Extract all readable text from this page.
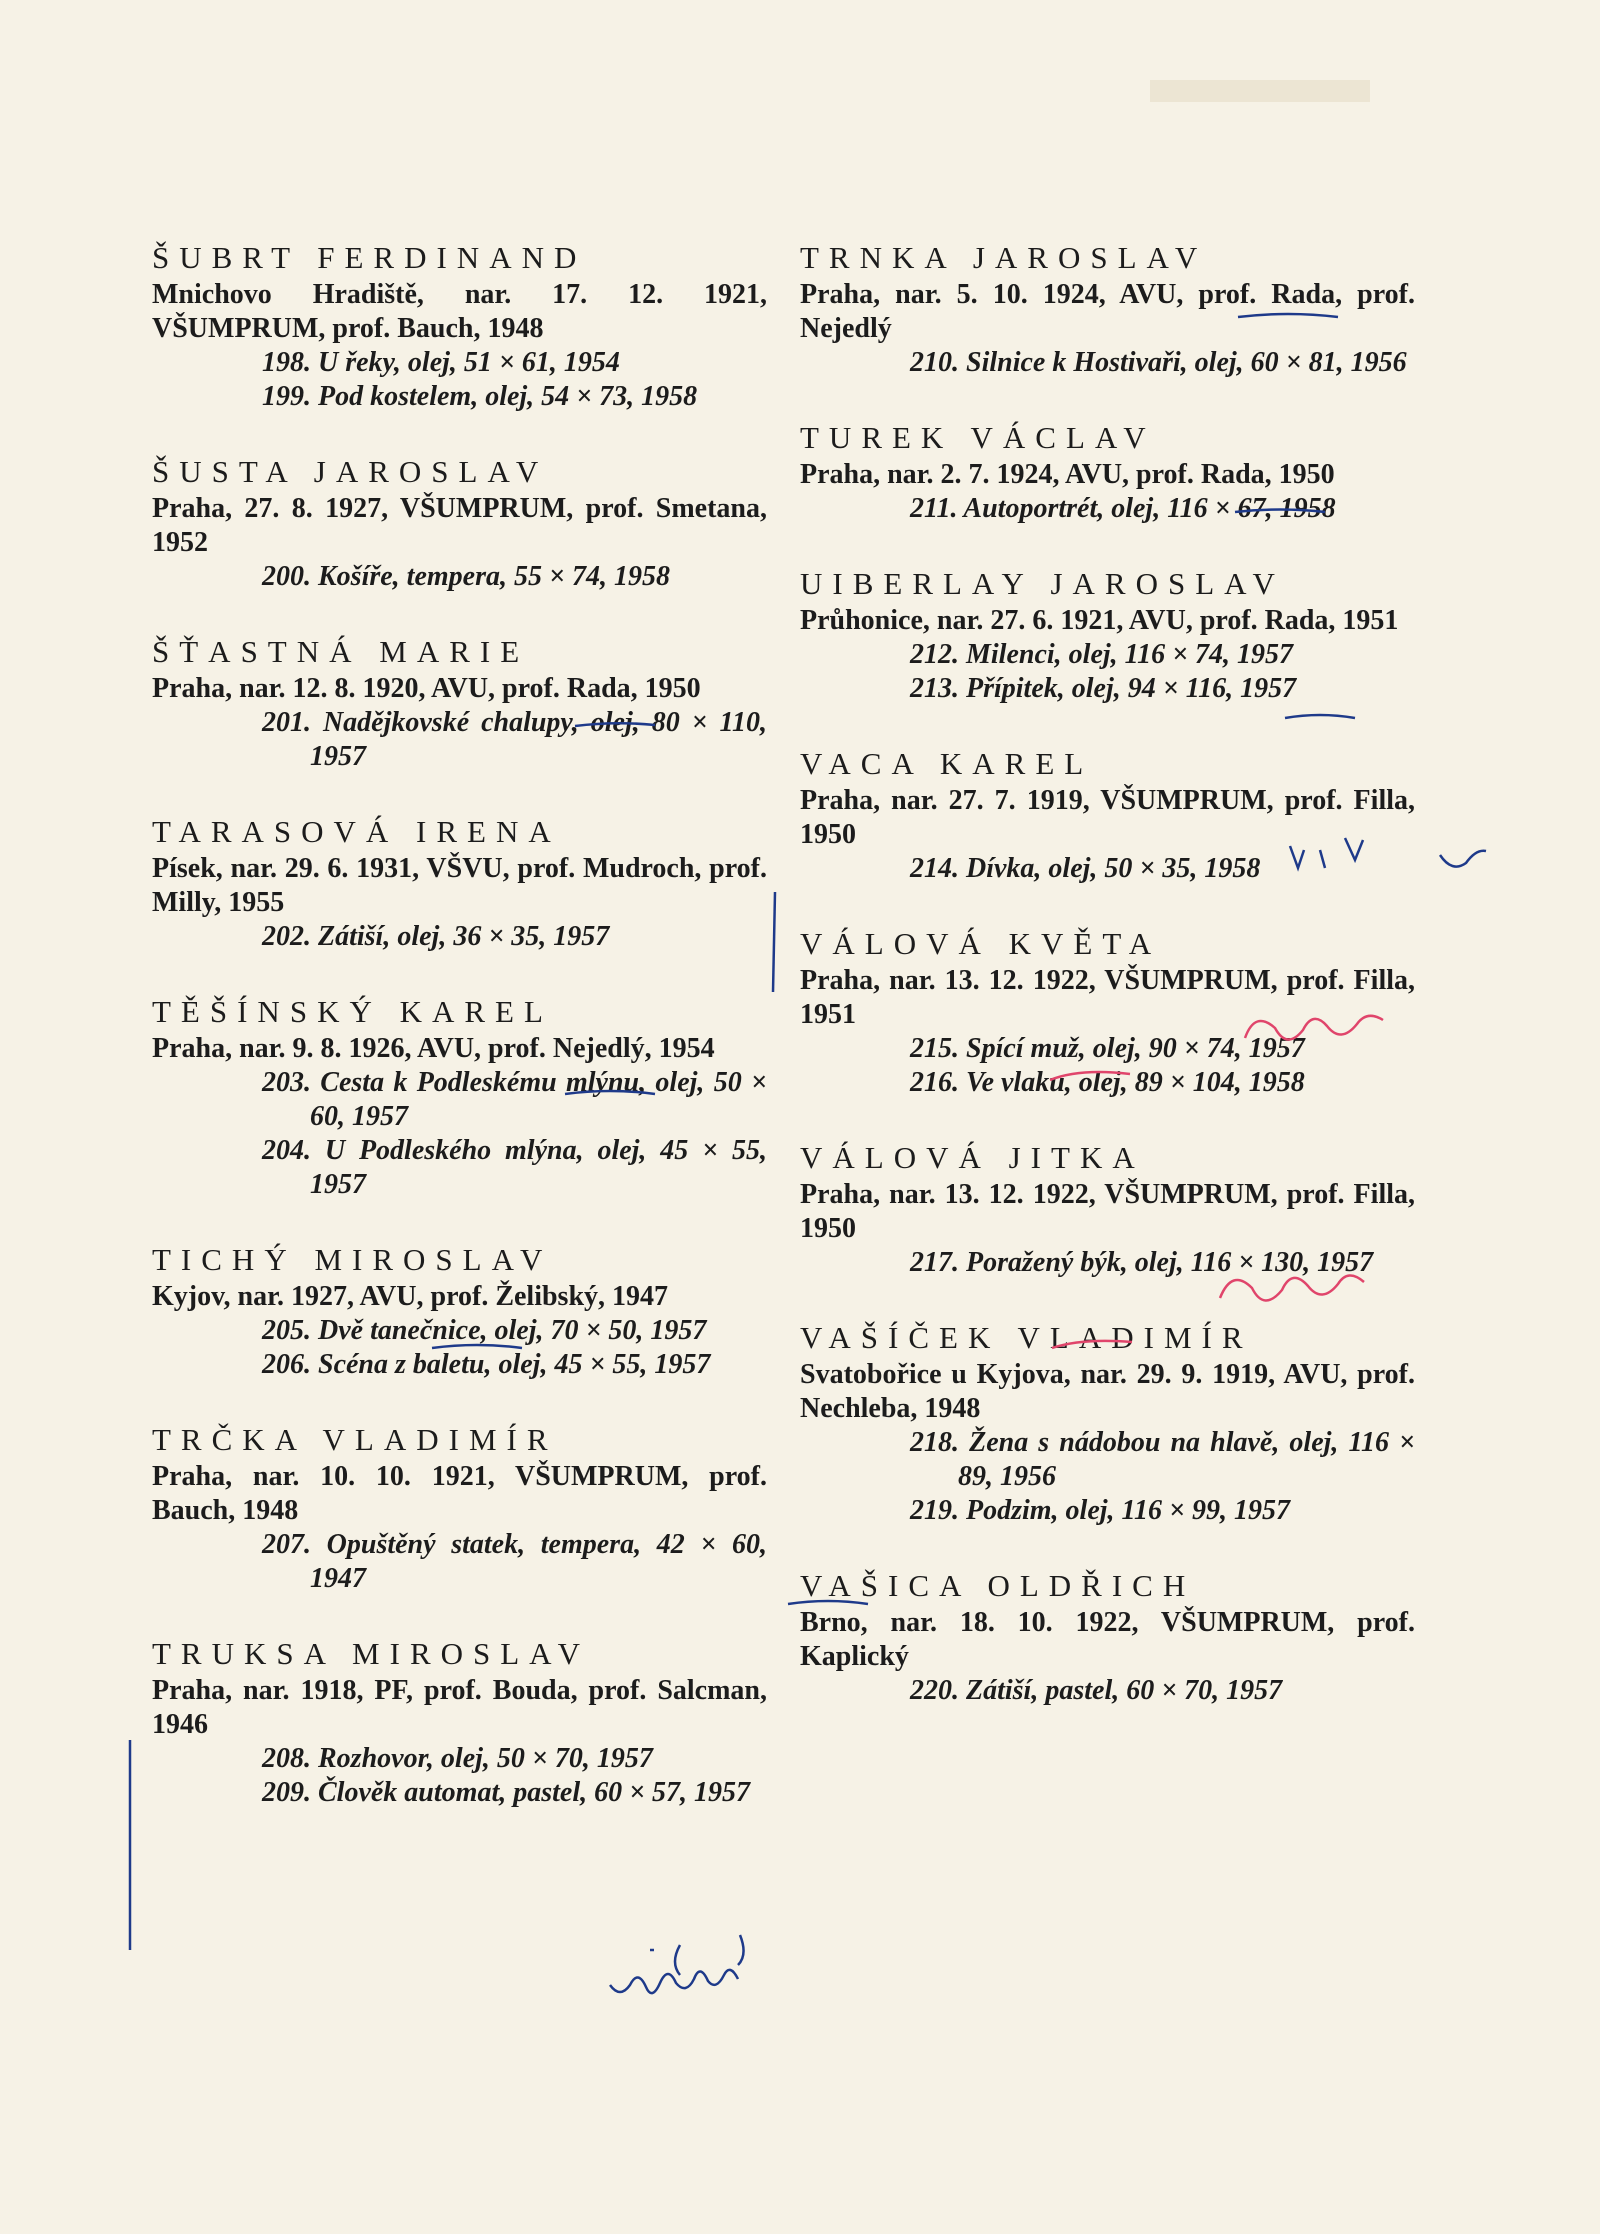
ŠUBRT FERDINAND
Mnichovo Hradiště, nar. 17. 12. 1921, VŠUMPRUM, prof. Bauch, 1948
198. U řeky, olej, 51 × 61, 1954
199. Pod kostelem, olej, 54 × 73, 1958
ŠUSTA JAROSLAV
Praha, 27. 8. 1927, VŠUMPRUM, prof. Smetana, 1952
200. Košíře, tempera, 55 × 74, 1958
ŠŤASTNÁ MARIE
Praha, nar. 12. 8. 1920, AVU, prof. Rada, 1950
201. Nadějkovské chalupy, olej, 80 × 110, 1957
TARASOVÁ IRENA
Písek, nar. 29. 6. 1931, VŠVU, prof. Mudroch, prof. Milly, 1955
202. Zátiší, olej, 36 × 35, 1957
TĚŠÍNSKÝ KAREL
Praha, nar. 9. 8. 1926, AVU, prof. Nejedlý, 1954
203. Cesta k Podleskému mlýnu, olej, 50 × 60, 1957
204. U Podleského mlýna, olej, 45 × 55, 1957
TICHÝ MIROSLAV
Kyjov, nar. 1927, AVU, prof. Želibský, 1947
205. Dvě tanečnice, olej, 70 × 50, 1957
206. Scéna z baletu, olej, 45 × 55, 1957
TRČKA VLADIMÍR
Praha, nar. 10. 10. 1921, VŠUMPRUM, prof. Bauch, 1948
207. Opuštěný statek, tempera, 42 × 60, 1947
TRUKSA MIROSLAV
Praha, nar. 1918, PF, prof. Bouda, prof. Salcman, 1946
208. Rozhovor, olej, 50 × 70, 1957
209. Člověk automat, pastel, 60 × 57, 1957
TRNKA JAROSLAV
Praha, nar. 5. 10. 1924, AVU, prof. Rada, prof. Nejedlý
210. Silnice k Hostivaři, olej, 60 × 81, 1956
TUREK VÁCLAV
Praha, nar. 2. 7. 1924, AVU, prof. Rada, 1950
211. Autoportrét, olej, 116 × 67, 1958
UIBERLAY JAROSLAV
Průhonice, nar. 27. 6. 1921, AVU, prof. Rada, 1951
212. Milenci, olej, 116 × 74, 1957
213. Přípitek, olej, 94 × 116, 1957
VACA KAREL
Praha, nar. 27. 7. 1919, VŠUMPRUM, prof. Filla, 1950
214. Dívka, olej, 50 × 35, 1958
VÁLOVÁ KVĚTA
Praha, nar. 13. 12. 1922, VŠUMPRUM, prof. Filla, 1951
215. Spící muž, olej, 90 × 74, 1957
216. Ve vlaku, olej, 89 × 104, 1958
VÁLOVÁ JITKA
Praha, nar. 13. 12. 1922, VŠUMPRUM, prof. Filla, 1950
217. Poražený býk, olej, 116 × 130, 1957
VAŠÍČEK VLADIMÍR
Svatobořice u Kyjova, nar. 29. 9. 1919, AVU, prof. Nechleba, 1948
218. Žena s nádobou na hlavě, olej, 116 × 89, 1956
219. Podzim, olej, 116 × 99, 1957
VAŠICA OLDŘICH
Brno, nar. 18. 10. 1922, VŠUMPRUM, prof. Kaplický
220. Zátiší, pastel, 60 × 70, 1957
